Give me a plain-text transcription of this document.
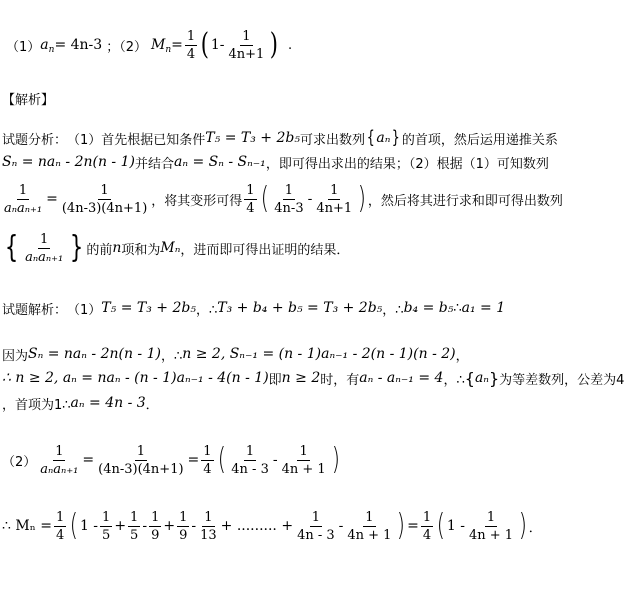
（1） $a_n = 4n-3$ ；（2） $M_n = \frac{1}{4}$ ( $1- \frac{1}{4n+1}$ ) .
【解析】
试题分析： （1）首先根据已知条件 T₅ = T₃ + 2b₅ 可求出数列 { aₙ } 的首项，然后运用递推关系
Sₙ = naₙ - 2n(n - 1) 并结合 aₙ = Sₙ - Sₙ₋₁ ，即可得出求出的结果；（2）根据（1）可知数列
$\frac{1}{\text{aₙaₙ₊₁}} = \frac{1}{(4n-3)(4n+1)}$ ，将其变形可得 $\frac{1}{4}$ ( $\frac{1}{4n-3} - \frac{1}{4n+1}$ ) ，然后将其进行求和即可得出数列
{ $\frac{1}{\text{aₙaₙ₊₁}}$ } 的前 n 项和为 Mₙ ，进而即可得出证明的结果．
试题解析： （1） T₅ = T₃ + 2b₅ ，∴ T₃ + b₄ + b₅ = T₃ + 2b₅ ，∴ b₄ = b₅ ∴ a₁ = 1
因为 Sₙ = naₙ - 2n(n - 1) ，∴ n ≥ 2, Sₙ₋₁ = (n - 1)aₙ₋₁ - 2(n - 1)(n - 2) ，
∴ n ≥ 2, aₙ = naₙ - (n - 1)aₙ₋₁ - 4(n - 1) 即 n ≥ 2 时，有 aₙ - aₙ₋₁ = 4 ，∴ { aₙ } 为等差数列，公差为4
，首项为1∴ aₙ = 4n - 3 ．
$(2) \frac{1}{\text{aₙaₙ₊₁}} = \frac{1}{(4n-3)(4n+1)} = \frac{1}{4}$ ( $\frac{1}{4n - 3} - \frac{1}{4n + 1}$ )
∴ $M_n = \frac{1}{4}$ ( $1 - \frac{1}{5} + \frac{1}{5} - \frac{1}{9} + \frac{1}{9} - \frac{1}{13}$ + ......... + $\frac{1}{4n - 3} - \frac{1}{4n + 1}$ ) = $\frac{1}{4}$ ( $1 - \frac{1}{4n + 1}$ ) ．
